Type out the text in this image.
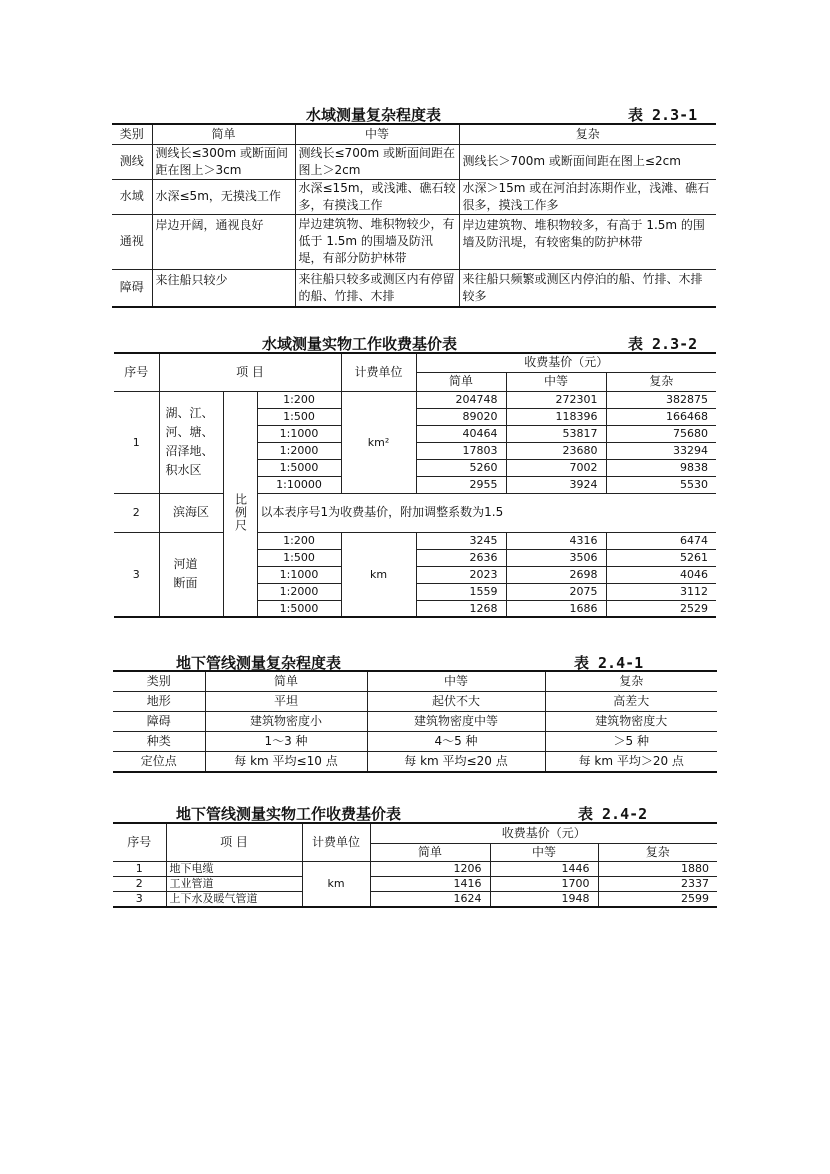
水域测量复杂程度表	表 2.3-1
类别	简单	中等	复杂
测线	测线长≤300m 或断面间距在图上＞3cm	测线长≤700m 或断面间距在图上＞2cm	测线长＞700m 或断面间距在图上≤2cm
水域	水深≤5m，无摸浅工作	水深≤15m，或浅滩、礁石较多，有摸浅工作	水深＞15m 或在河泊封冻期作业，浅滩、礁石很多，摸浅工作多
通视	岸边开阔，通视良好	岸边建筑物、堆积物较少，有低于 1.5m 的围墙及防汛堤，有部分防护林带	岸边建筑物、堆积物较多，有高于 1.5m 的围墙及防汛堤，有较密集的防护林带
障碍	来往船只较少	来往船只较多或测区内有停留的船、竹排、木排	来往船只频繁或测区内停泊的船、竹排、木排较多
水域测量实物工作收费基价表	表 2.3-2
序号	项 目			计费单位	收费基价（元）		
					简单	中等	复杂
1	湖、江、河、塘、沼泽地、积水区		1:200	km²	204748	272301	382875
			1:500		89020	118396	166468
			1:1000		40464	53817	75680
			1:2000		17803	23680	33294
			1:5000		5260	7002	9838
			1:10000		2955	3924	5530
2	滨海区	比例尺	以本表序号1为收费基价，附加调整系数为1.5				
3	河道断面		1:200	km	3245	4316	6474
			1:500		2636	3506	5261
			1:1000		2023	2698	4046
			1:2000		1559	2075	3112
			1:5000		1268	1686	2529
地下管线测量复杂程度表	表 2.4-1
类别	简单	中等	复杂
地形	平坦	起伏不大	高差大
障碍	建筑物密度小	建筑物密度中等	建筑物密度大
种类	1～3 种	4～5 种	＞5 种
定位点	每 km 平均≤10 点	每 km 平均≤20 点	每 km 平均＞20 点
地下管线测量实物工作收费基价表	表 2.4-2
序号	项 目	计费单位	收费基价（元）		
			简单	中等	复杂
1	地下电缆	km	1206	1446	1880
2	工业管道		1416	1700	2337
3	上下水及暖气管道		1624	1948	2599
